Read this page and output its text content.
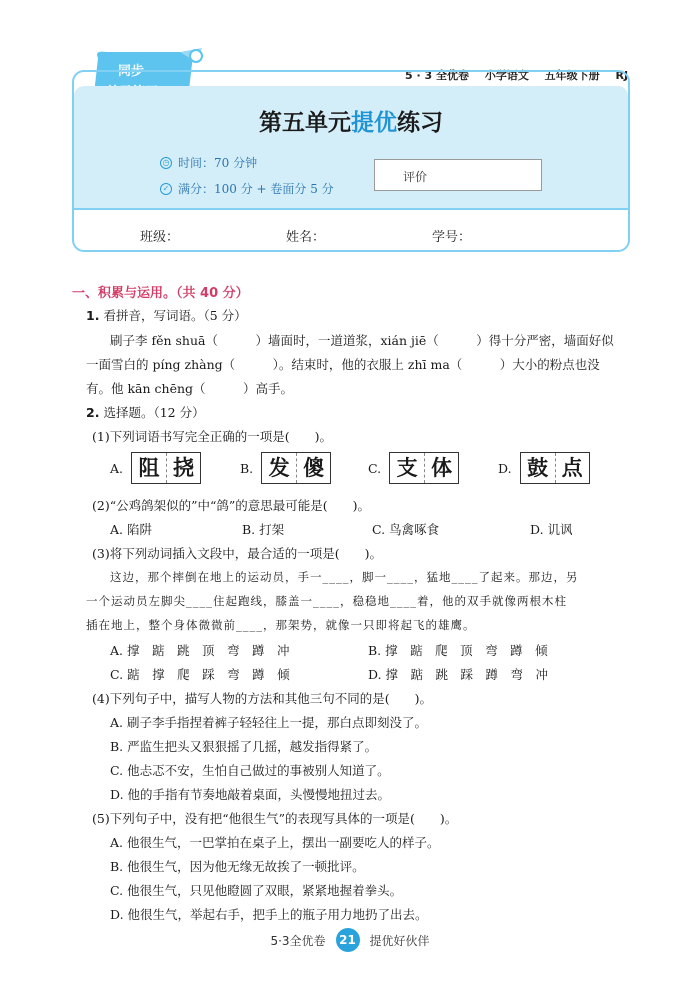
同步	5 · 3 全优卷 小学语文 五年级下册 RJ
第五单元提优练习
◷ 时间：70 分钟
✓ 满分：100 分 + 卷面分 5 分
评价
班级：	姓名：	学号：
一、积累与运用。（共 40 分）
1. 看拼音，写词语。（5 分）
刷子李 fěn shuā（　　　）墙面时，一道道浆，xián jiē（　　　）得十分严密，墙面好似
一面雪白的 píng zhàng（　　　）。结束时，他的衣服上 zhī ma（　　　）大小的粉点也没
有。他 kān chēng（　　　）高手。
2. 选择题。（12 分）
(1)下列词语书写完全正确的一项是(　　)。
A. 阻 挠	B. 发 傻	C. 支 体	D. 鼓 点
(2)“公鸡鸽架似的”中“鸽”的意思最可能是(　　)。
A. 陷阱	B. 打架	C. 鸟禽啄食	D. 讥讽
(3)将下列动词插入文段中，最合适的一项是(　　)。
这边，那个摔倒在地上的运动员，手一____，脚一____，猛地____了起来。那边，另
一个运动员左脚尖____住起跑线，膝盖一____，稳稳地____着，他的双手就像两根木柱
插在地上，整个身体微微前____，那架势，就像一只即将起飞的雄鹰。
A. 撑　踮　跳　顶　弯　蹲　冲	B. 撑　踮　爬　顶　弯　蹲　倾
C. 踮　撑　爬　踩　弯　蹲　倾	D. 撑　踮　跳　踩　蹲　弯　冲
(4)下列句子中，描写人物的方法和其他三句不同的是(　　)。
A. 刷子李手指捏着裤子轻轻往上一提，那白点即刻没了。
B. 严监生把头又狠狠摇了几摇，越发指得紧了。
C. 他忐忑不安，生怕自己做过的事被别人知道了。
D. 他的手指有节奏地敲着桌面，头慢慢地扭过去。
(5)下列句子中，没有把“他很生气”的表现写具体的一项是(　　)。
A. 他很生气，一巴掌拍在桌子上，摆出一副要吃人的样子。
B. 他很生气，因为他无缘无故挨了一顿批评。
C. 他很生气，只见他瞪圆了双眼，紧紧地握着拳头。
D. 他很生气，举起右手，把手上的瓶子用力地扔了出去。
5·3全优卷	21	提优好伙伴
